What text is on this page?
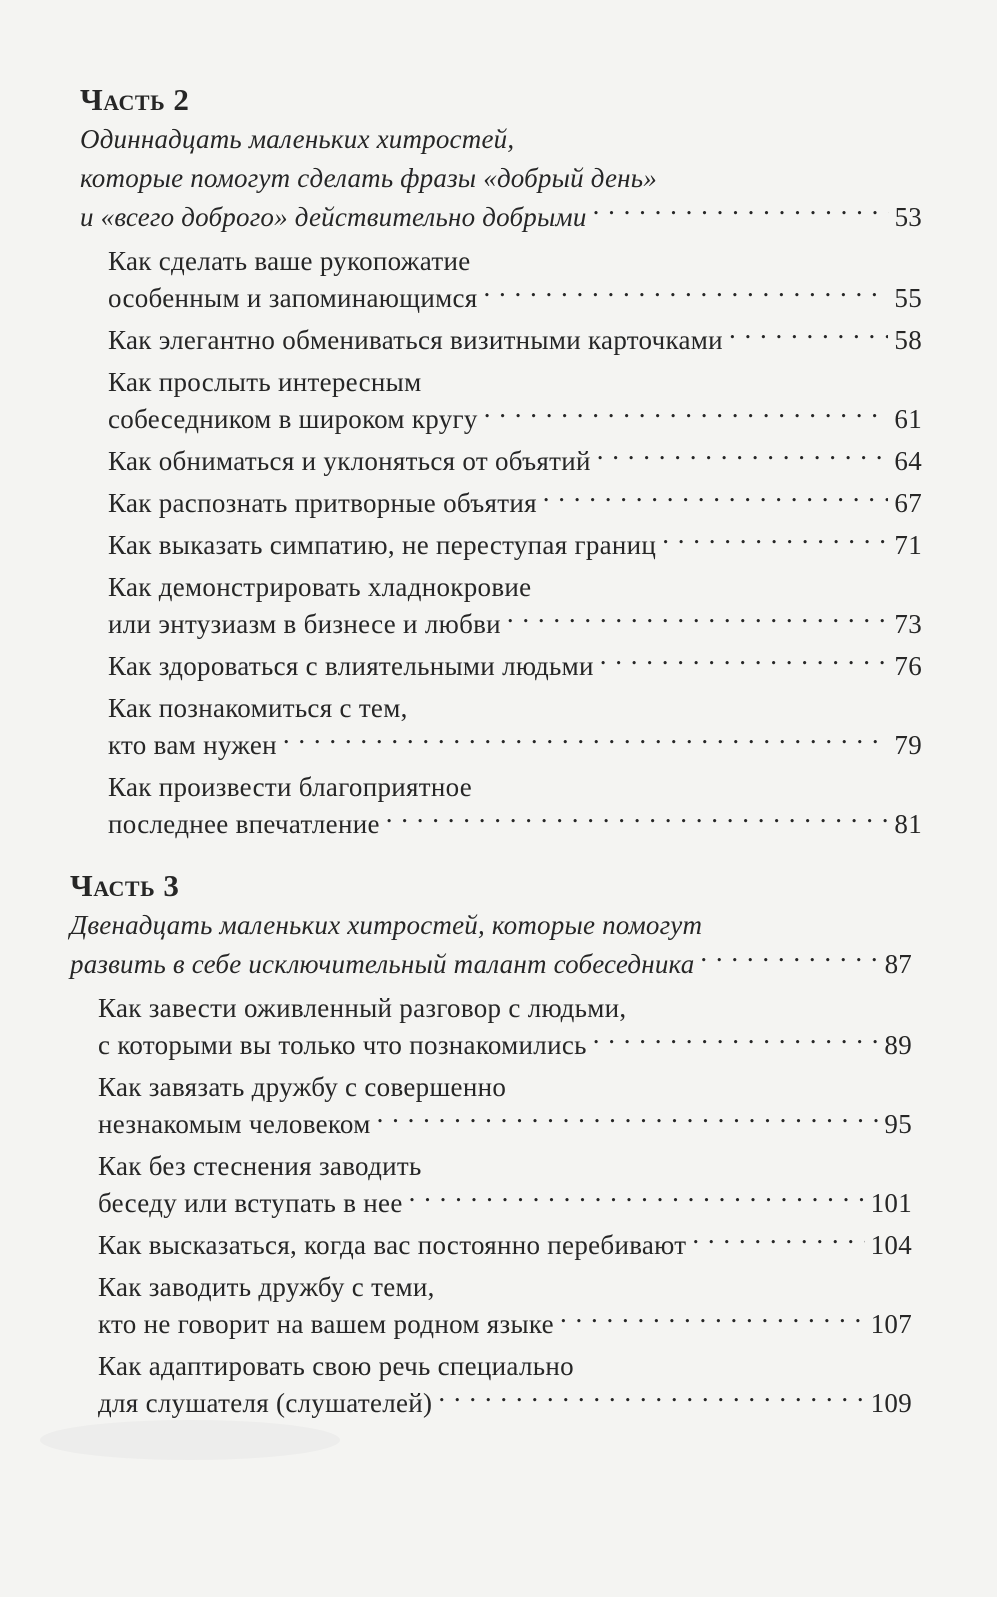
Часть 2
Одиннадцать маленьких хитростей,
которые помогут сделать фразы «добрый день»
и «всего доброго» действительно добрыми . . .	53
Как сделать ваше рукопожатие
особенным и запоминающимся . . .	55
Как элегантно обмениваться визитными карточками . . .	58
Как прослыть интересным
собеседником в широком кругу . . .	61
Как обниматься и уклоняться от объятий . . .	64
Как распознать притворные объятия . . .	67
Как выказать симпатию, не переступая границ . . .	71
Как демонстрировать хладнокровие
или энтузиазм в бизнесе и любви . . .	73
Как здороваться с влиятельными людьми . . .	76
Как познакомиться с тем,
кто вам нужен . . .	79
Как произвести благоприятное
последнее впечатление . . .	81
Часть 3
Двенадцать маленьких хитростей, которые помогут
развить в себе исключительный талант собеседника . . .	87
Как завести оживленный разговор с людьми,
с которыми вы только что познакомились . . .	89
Как завязать дружбу с совершенно
незнакомым человеком . . .	95
Как без стеснения заводить
беседу или вступать в нее . . .	101
Как высказаться, когда вас постоянно перебивают . . .	104
Как заводить дружбу с теми,
кто не говорит на вашем родном языке . . .	107
Как адаптировать свою речь специально
для слушателя (слушателей) . . .	109
